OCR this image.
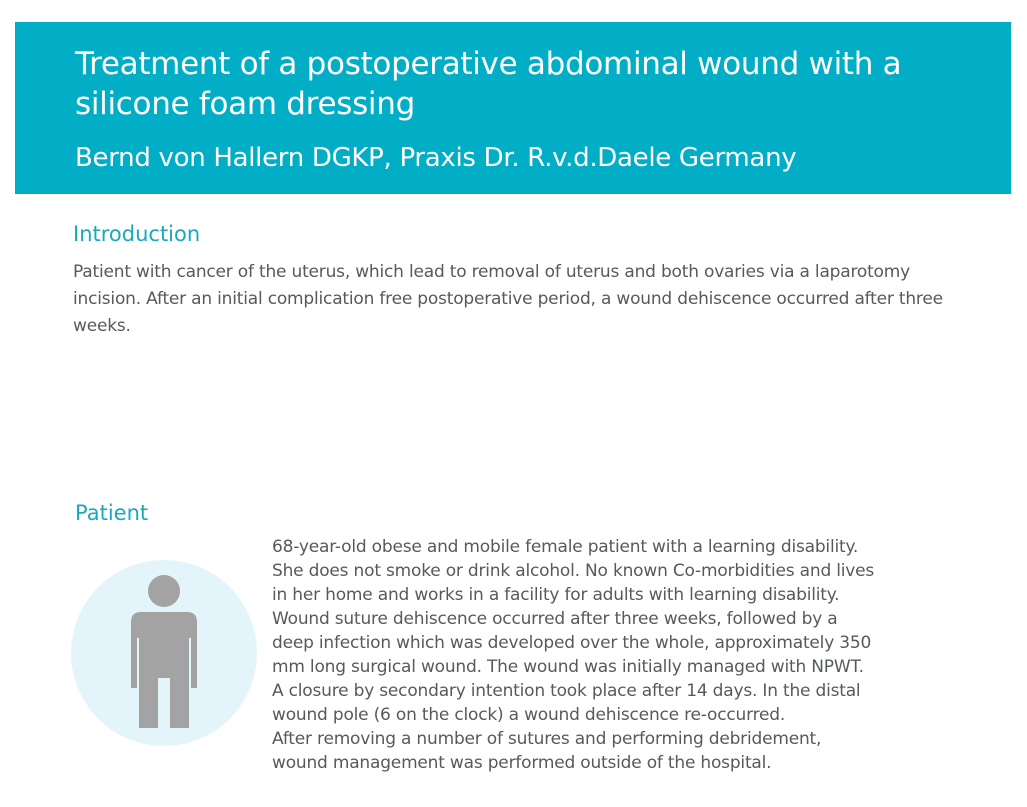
Treatment of a postoperative abdominal wound with a silicone foam dressing
Bernd von Hallern DGKP, Praxis Dr. R.v.d.Daele Germany
Introduction

Patient with cancer of the uterus, which lead to removal of uterus and both ovaries via a laparotomy incision. After an initial complication free postoperative period, a wound dehiscence occurred after three weeks.

Patient
68-year-old obese and mobile female patient with a learning disability.
She does not smoke or drink alcohol. No known Co-morbidities and lives
in her home and works in a facility for adults with learning disability.
Wound suture dehiscence occurred after three weeks, followed by a
deep infection which was developed over the whole, approximately 350
mm long surgical wound. The wound was initially managed with NPWT.
A closure by secondary intention took place after 14 days. In the distal
wound pole (6 on the clock) a wound dehiscence re-occurred.
After removing a number of sutures and performing debridement,
wound management was performed outside of the hospital.
